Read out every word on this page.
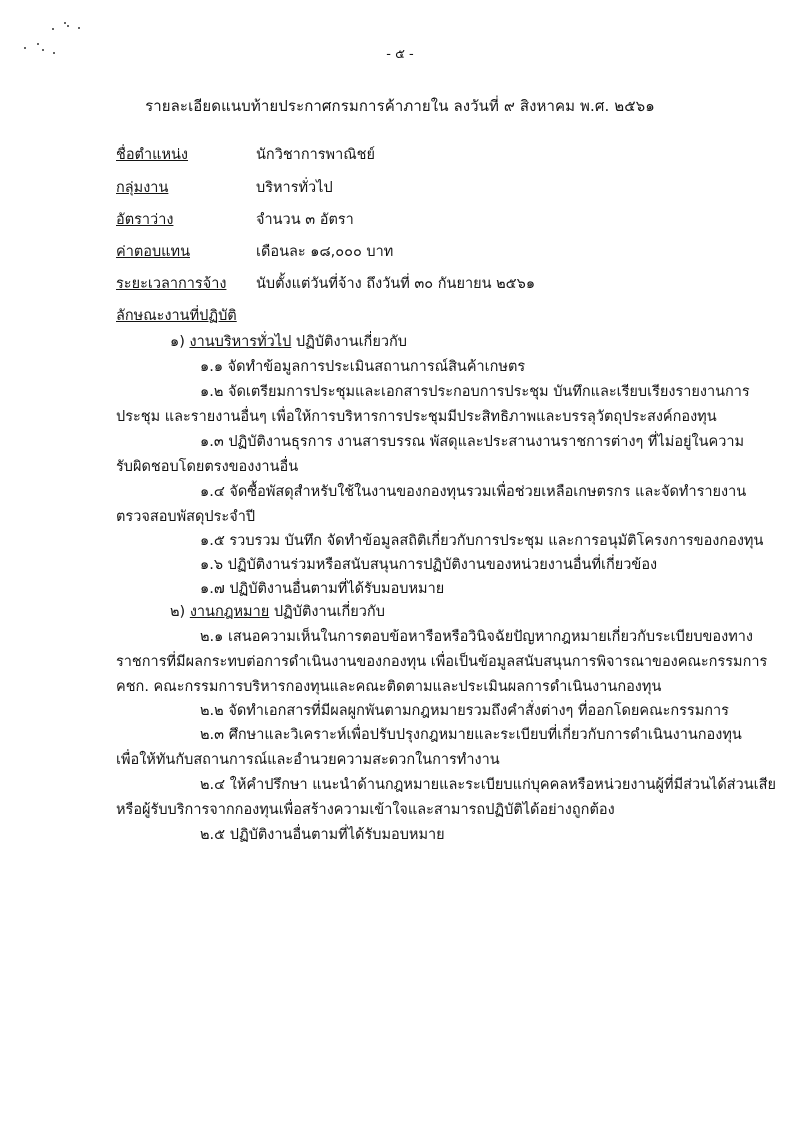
- ๕ -
รายละเอียดแนบท้ายประกาศกรมการค้าภายใน ลงวันที่ ๙ สิงหาคม พ.ศ. ๒๕๖๑
ชื่อตำแหน่ง	นักวิชาการพาณิชย์
กลุ่มงาน	บริหารทั่วไป
อัตราว่าง	จำนวน ๓ อัตรา
ค่าตอบแทน	เดือนละ ๑๘,๐๐๐ บาท
ระยะเวลาการจ้าง นับตั้งแต่วันที่จ้าง ถึงวันที่ ๓๐ กันยายน ๒๕๖๑
ลักษณะงานที่ปฏิบัติ
๑) งานบริหารทั่วไป ปฏิบัติงานเกี่ยวกับ
๑.๑ จัดทำข้อมูลการประเมินสถานการณ์สินค้าเกษตร
๑.๒ จัดเตรียมการประชุมและเอกสารประกอบการประชุม บันทึกและเรียบเรียงรายงานการ
ประชุม และรายงานอื่นๆ เพื่อให้การบริหารการประชุมมีประสิทธิภาพและบรรลุวัตถุประสงค์กองทุน
๑.๓ ปฏิบัติงานธุรการ งานสารบรรณ พัสดุและประสานงานราชการต่างๆ ที่ไม่อยู่ในความ
รับผิดชอบโดยตรงของงานอื่น
๑.๔ จัดซื้อพัสดุสำหรับใช้ในงานของกองทุนรวมเพื่อช่วยเหลือเกษตรกร และจัดทำรายงาน
ตรวจสอบพัสดุประจำปี
๑.๕ รวบรวม บันทึก จัดทำข้อมูลสถิติเกี่ยวกับการประชุม และการอนุมัติโครงการของกองทุน
๑.๖ ปฏิบัติงานร่วมหรือสนับสนุนการปฏิบัติงานของหน่วยงานอื่นที่เกี่ยวข้อง
๑.๗ ปฏิบัติงานอื่นตามที่ได้รับมอบหมาย
๒) งานกฎหมาย ปฏิบัติงานเกี่ยวกับ
๒.๑ เสนอความเห็นในการตอบข้อหารือหรือวินิจฉัยปัญหากฎหมายเกี่ยวกับระเบียบของทาง
ราชการที่มีผลกระทบต่อการดำเนินงานของกองทุน เพื่อเป็นข้อมูลสนับสนุนการพิจารณาของคณะกรรมการ
คชก. คณะกรรมการบริหารกองทุนและคณะติดตามและประเมินผลการดำเนินงานกองทุน
๒.๒ จัดทำเอกสารที่มีผลผูกพันตามกฎหมายรวมถึงคำสั่งต่างๆ ที่ออกโดยคณะกรรมการ
๒.๓ ศึกษาและวิเคราะห์เพื่อปรับปรุงกฎหมายและระเบียบที่เกี่ยวกับการดำเนินงานกองทุน
เพื่อให้ทันกับสถานการณ์และอำนวยความสะดวกในการทำงาน
๒.๔ ให้คำปรึกษา แนะนำด้านกฎหมายและระเบียบแก่บุคคลหรือหน่วยงานผู้ที่มีส่วนได้ส่วนเสีย
หรือผู้รับบริการจากกองทุนเพื่อสร้างความเข้าใจและสามารถปฏิบัติได้อย่างถูกต้อง
๒.๕ ปฏิบัติงานอื่นตามที่ได้รับมอบหมาย
